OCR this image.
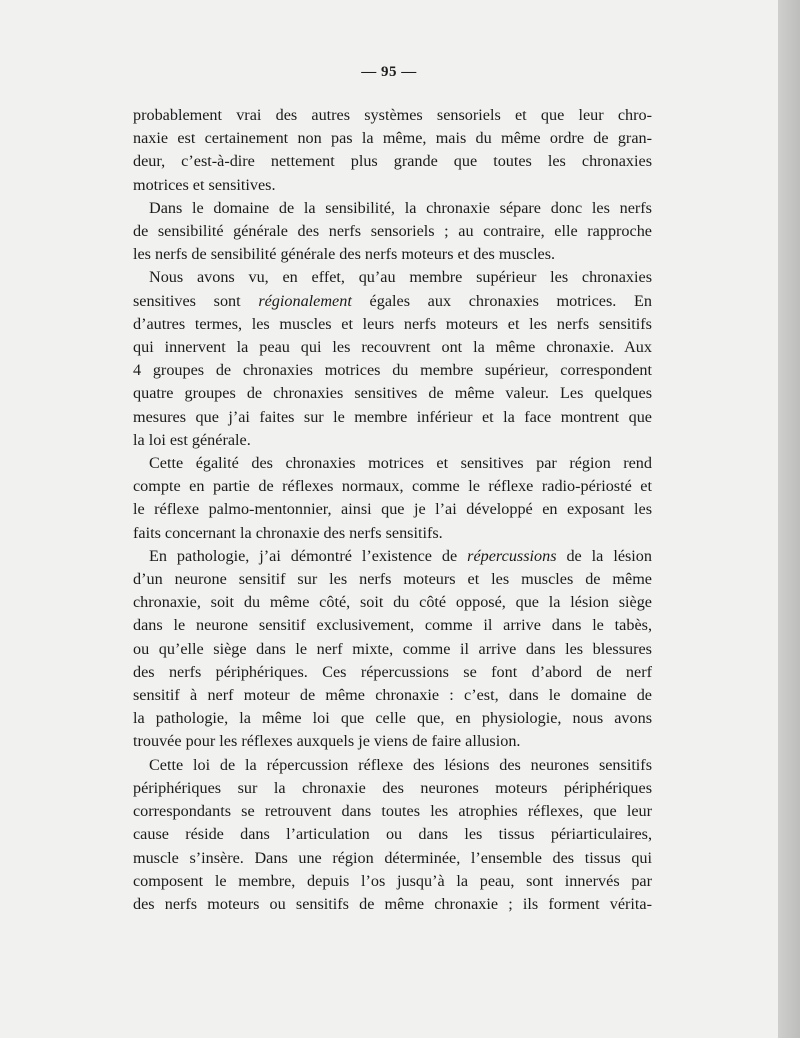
— 95 —

probablement vrai des autres systèmes sensoriels et que leur chro-

naxie est certainement non pas la même, mais du même ordre de gran-

deur, c’est-à-dire nettement plus grande que toutes les chronaxies

motrices et sensitives.

Dans le domaine de la sensibilité, la chronaxie sépare donc les nerfs

de sensibilité générale des nerfs sensoriels ; au contraire, elle rapproche

les nerfs de sensibilité générale des nerfs moteurs et des muscles.

Nous avons vu, en effet, qu’au membre supérieur les chronaxies

sensitives sont régionalement égales aux chronaxies motrices. En

d’autres termes, les muscles et leurs nerfs moteurs et les nerfs sensitifs

qui innervent la peau qui les recouvrent ont la même chronaxie. Aux

4 groupes de chronaxies motrices du membre supérieur, correspondent

quatre groupes de chronaxies sensitives de même valeur. Les quelques

mesures que j’ai faites sur le membre inférieur et la face montrent que

la loi est générale.

Cette égalité des chronaxies motrices et sensitives par région rend

compte en partie de réflexes normaux, comme le réflexe radio-périosté et

le réflexe palmo-mentonnier, ainsi que je l’ai développé en exposant les

faits concernant la chronaxie des nerfs sensitifs.

En pathologie, j’ai démontré l’existence de répercussions de la lésion

d’un neurone sensitif sur les nerfs moteurs et les muscles de même

chronaxie, soit du même côté, soit du côté opposé, que la lésion siège

dans le neurone sensitif exclusivement, comme il arrive dans le tabès,

ou qu’elle siège dans le nerf mixte, comme il arrive dans les blessures

des nerfs périphériques. Ces répercussions se font d’abord de nerf

sensitif à nerf moteur de même chronaxie : c’est, dans le domaine de

la pathologie, la même loi que celle que, en physiologie, nous avons

trouvée pour les réflexes auxquels je viens de faire allusion.

Cette loi de la répercussion réflexe des lésions des neurones sensitifs

périphériques sur la chronaxie des neurones moteurs périphériques

correspondants se retrouvent dans toutes les atrophies réflexes, que leur

cause réside dans l’articulation ou dans les tissus périarticulaires,

muscle s’insère. Dans une région déterminée, l’ensemble des tissus qui

composent le membre, depuis l’os jusqu’à la peau, sont innervés par

des nerfs moteurs ou sensitifs de même chronaxie ; ils forment vérita-
